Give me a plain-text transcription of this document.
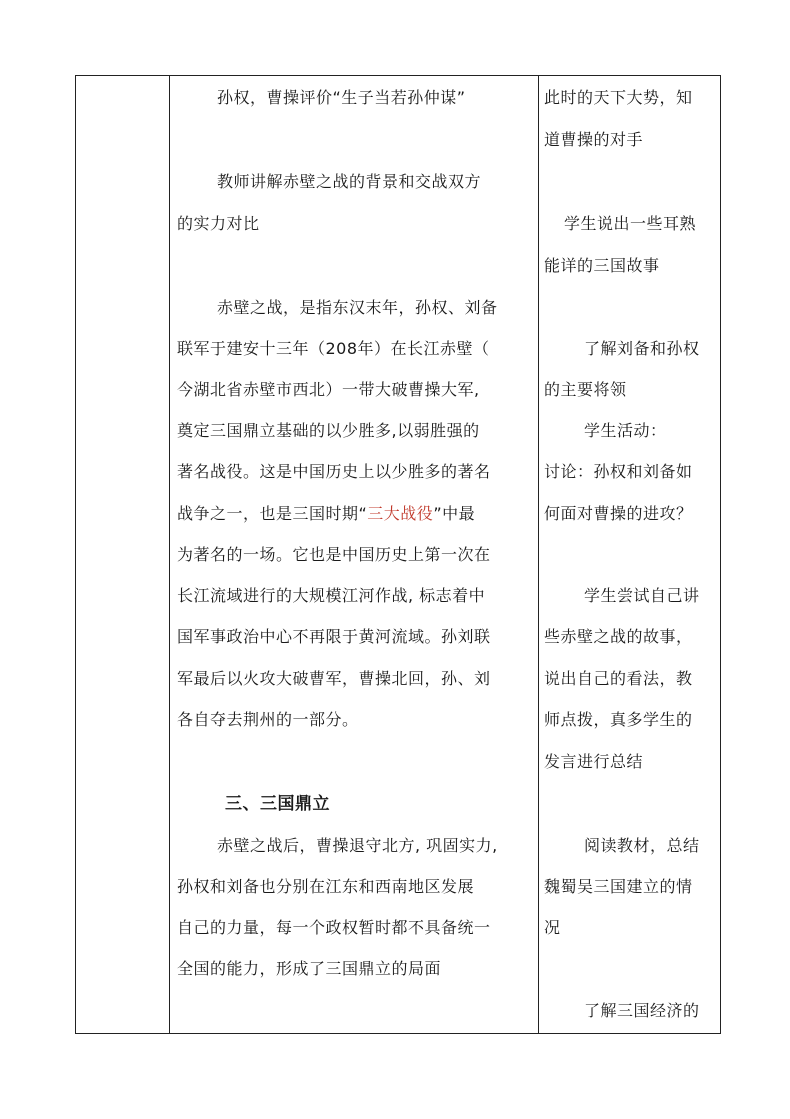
孙权，曹操评价“生子当若孙仲谋”
教师讲解赤壁之战的背景和交战双方
的实力对比
赤壁之战，是指东汉末年，孙权、刘备
联军于建安十三年（208年）在长江赤壁（
今湖北省赤壁市西北）一带大破曹操大军,
奠定三国鼎立基础的以少胜多,以弱胜强的
著名战役。这是中国历史上以少胜多的著名
战争之一，也是三国时期“三大战役”中最
为著名的一场。它也是中国历史上第一次在
长江流域进行的大规模江河作战, 标志着中
国军事政治中心不再限于黄河流域。孙刘联
军最后以火攻大破曹军，曹操北回，孙、刘
各自夺去荆州的一部分。
三、三国鼎立
赤壁之战后，曹操退守北方, 巩固实力,
孙权和刘备也分别在江东和西南地区发展
自己的力量，每一个政权暂时都不具备统一
全国的能力，形成了三国鼎立的局面
此时的天下大势，知
道曹操的对手
学生说出一些耳熟
能详的三国故事
了解刘备和孙权
的主要将领
学生活动：
讨论：孙权和刘备如
何面对曹操的进攻？
学生尝试自己讲
些赤壁之战的故事，
说出自己的看法，教
师点拨，真多学生的
发言进行总结
阅读教材，总结
魏蜀吴三国建立的情
况
了解三国经济的
